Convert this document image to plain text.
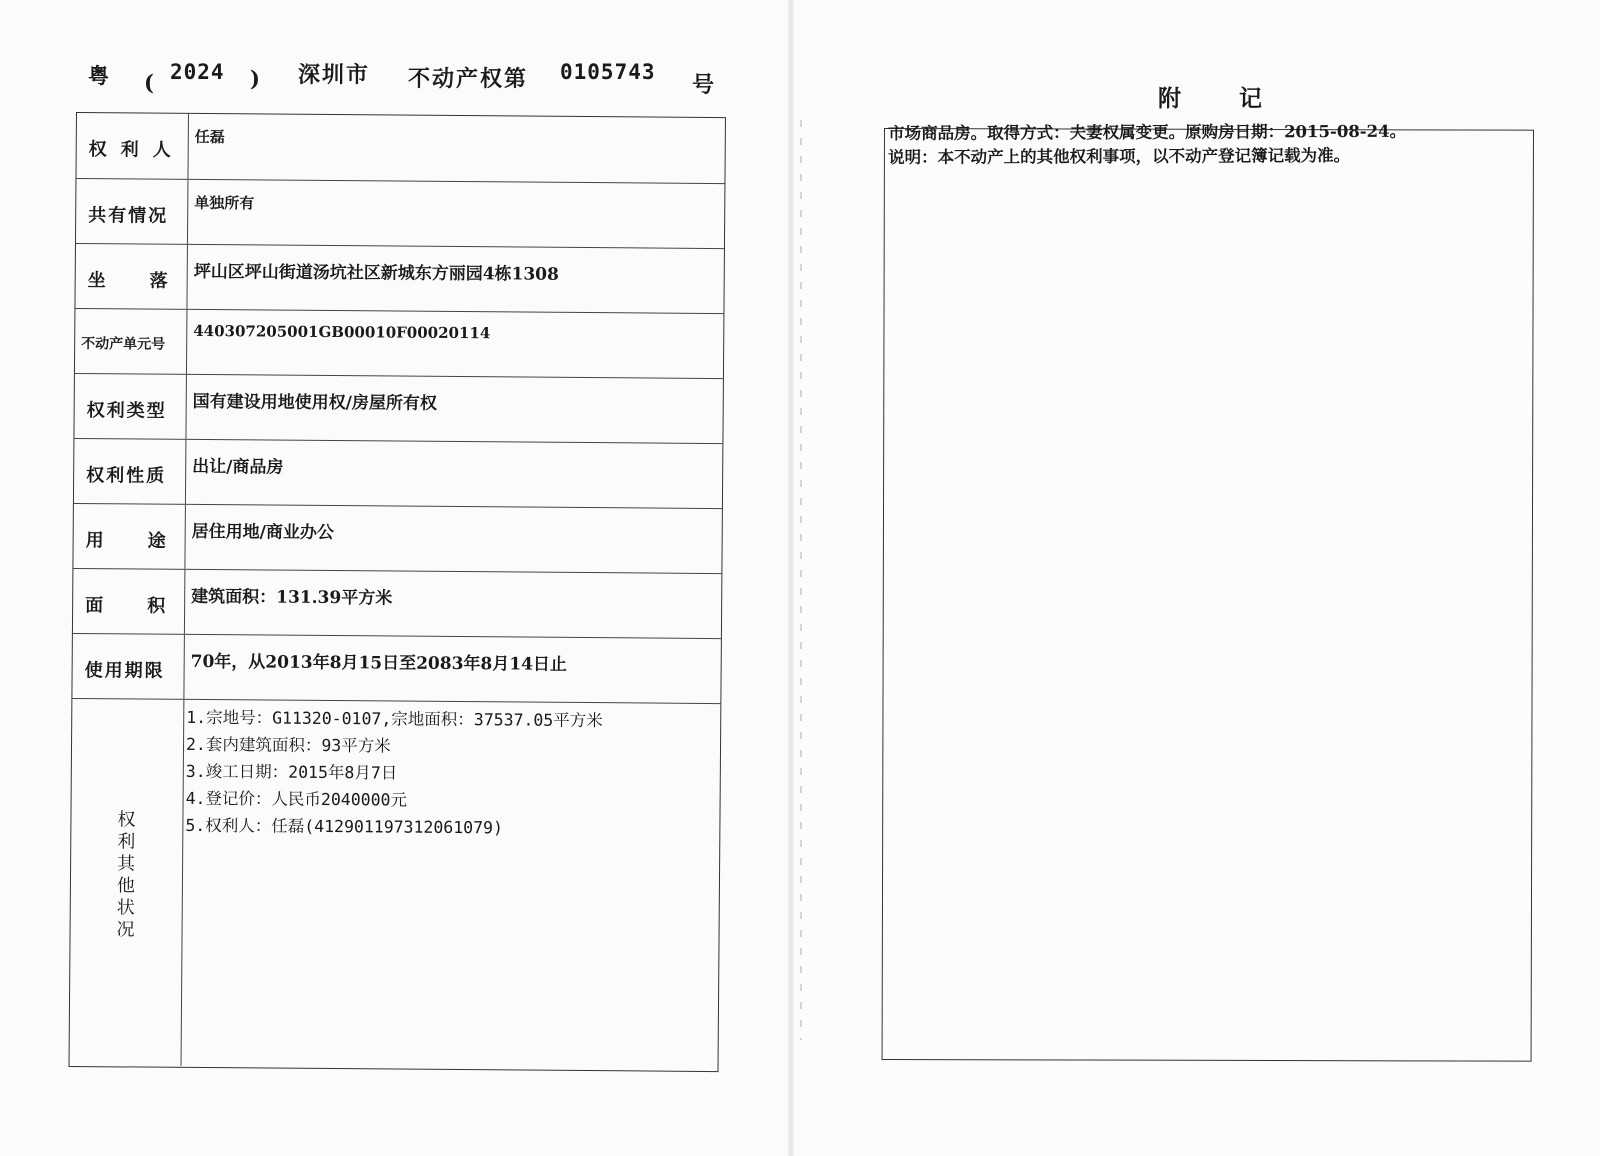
粤 ( 2024 ) 深圳市 不动产权第 0105743 号
权利人
任磊
共有情况
单独所有
坐落
坪山区坪山街道汤坑社区新城东方丽园4栋1308
不动产单元号
440307205001GB00010F00020114
权利类型 国有建设用地使用权/房屋所有权
权利性质 出让/商品房
用途
居住用地/商业办公
面积
建筑面积：131.39平方米
使用期限 70年，从2013年8月15日至2083年8月14日止
权利其他状况
1.宗地号：G11320-0107,宗地面积：37537.05平方米
2.套内建筑面积：93平方米
3.竣工日期：2015年8月7日
4.登记价：人民币2040000元
5.权利人：任磊(412901197312061079)
附记
市场商品房。取得方式：夫妻权属变更。原购房日期：2015-08-24。
说明：本不动产上的其他权利事项，以不动产登记簿记载为准。
